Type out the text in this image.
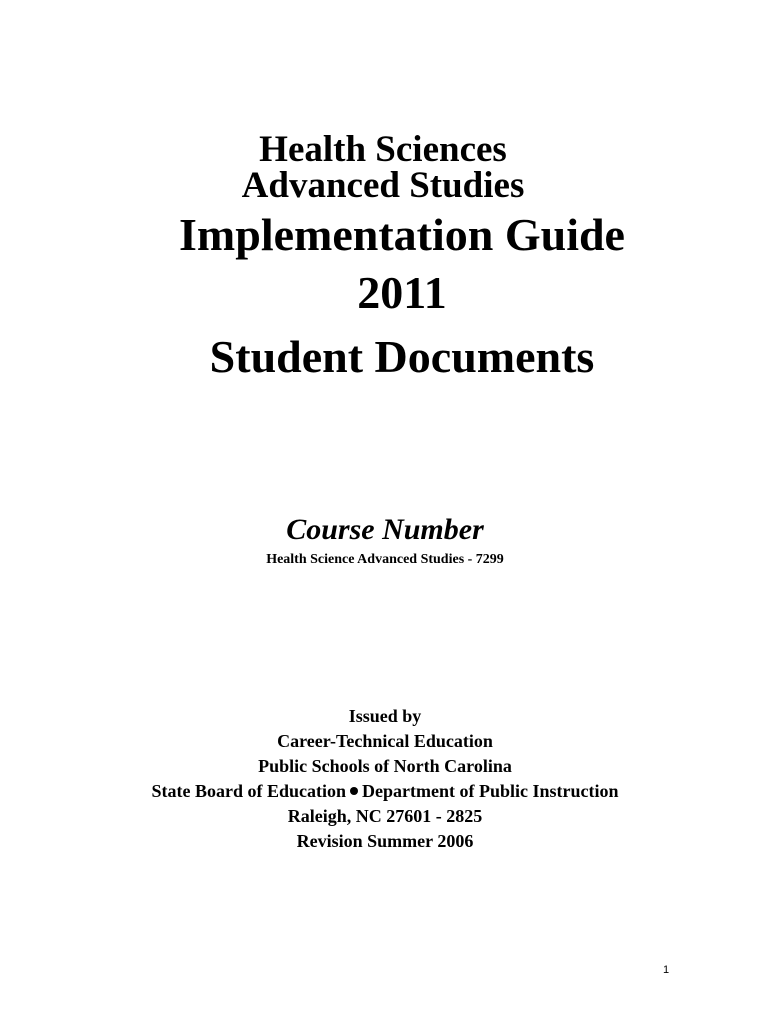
Health Sciences
Advanced Studies
Implementation Guide
2011
Student Documents
Course Number
Health Science Advanced Studies - 7299
Issued by
Career-Technical Education
Public Schools of North Carolina
State Board of Education Department of Public Instruction
Raleigh, NC 27601 - 2825
Revision Summer 2006
1
